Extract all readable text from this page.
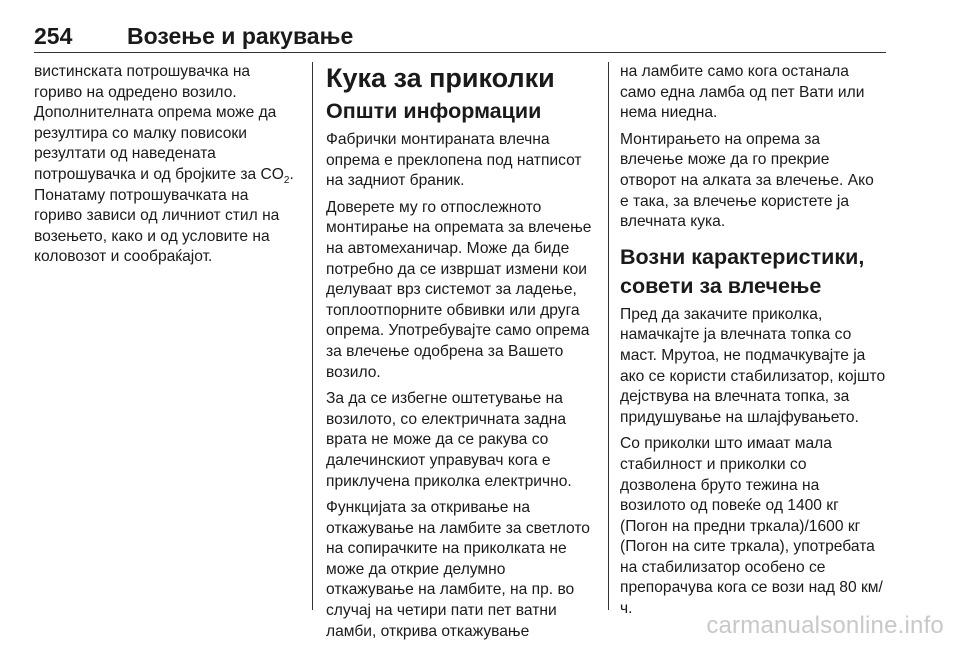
254 Возење и ракување

вистинската потрошувачка на гориво на одредено возило. Дополнителната опрема може да резултира со малку повисоки резултати од наведената потрошувачка и од бројките за $CO_2$. Понатаму потрошувачката на гориво зависи од личниот стил на возењето, како и од условите на коловозот и сообраќајот.

Кука за приколки
Општи информации

Фабрички монтираната влечна опрема е преклопена под натписот на задниот браник.

Доверете му го отпослежното монтирање на опремата за влечење на автомеханичар. Може да биде потребно да се извршат измени кои делуваат врз системот за ладење, топлоотпорните обвивки или друга опрема. Употребувајте само опрема за влечење одобрена за Вашето возило.

За да се избегне оштетување на возилото, со електричната задна врата не може да се ракува со далечинскиот управувач кога е приклучена приколка електрично.

Функцијата за откривање на откажување на ламбите за светлото на сопирачките на приколката не може да открие делумно откажување на ламбите, на пр. во случај на четири пати пет ватни ламби, открива откажување

на ламбите само кога останала само една ламба од пет Вати или нема ниедна.

Монтирањето на опрема за влечење може да го прекрие отворот на алката за влечење. Ако е така, за влечење користете ја влечната кука.

Возни карактеристики, совети за влечење

Пред да закачите приколка, намачкајте ја влечната топка со маст. Мрутоа, не подмачкувајте ја ако се користи стабилизатор, којшто дејствува на влечната топка, за придушување на шлајфувањето.

Со приколки што имаат мала стабилност и приколки со дозволена бруто тежина на возилото од повеќе од 1400 кг (Погон на предни тркала)/1600 кг (Погон на сите тркала), употребата на стабилизатор особено се препорачува кога се вози над 80 км/ч.

carmanualsonline.info
